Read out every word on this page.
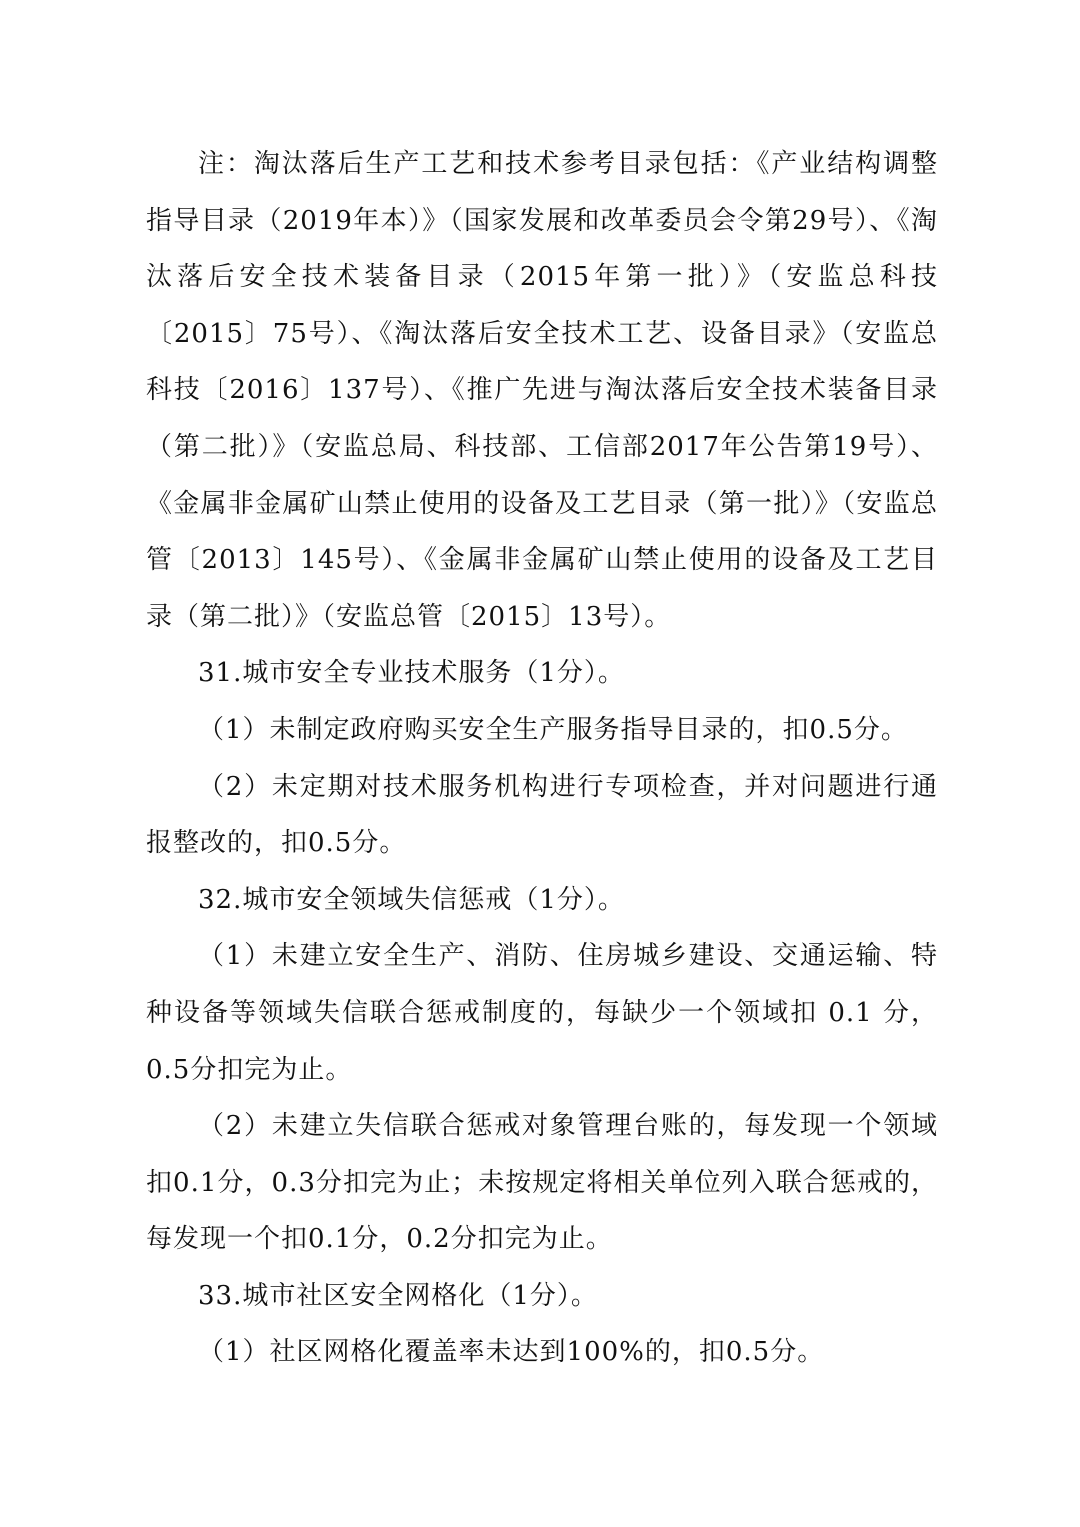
注：淘汰落后生产工艺和技术参考目录包括：《产业结构调整指导目录（2019年本）》（国家发展和改革委员会令第29号）、《淘汰落后安全技术装备目录（2015年第一批）》（安监总科技〔2015〕75号）、《淘汰落后安全技术工艺、设备目录》（安监总科技〔2016〕137号）、《推广先进与淘汰落后安全技术装备目录（第二批）》（安监总局、科技部、工信部2017年公告第19号）、《金属非金属矿山禁止使用的设备及工艺目录（第一批）》（安监总管〔2013〕145号）、《金属非金属矿山禁止使用的设备及工艺目录（第二批）》（安监总管〔2015〕13号）。

31.城市安全专业技术服务（1分）。

（1）未制定政府购买安全生产服务指导目录的，扣0.5分。

（2）未定期对技术服务机构进行专项检查，并对问题进行通报整改的，扣0.5分。

32.城市安全领域失信惩戒（1分）。

（1）未建立安全生产、消防、住房城乡建设、交通运输、特种设备等领域失信联合惩戒制度的，每缺少一个领域扣 0.1 分，0.5分扣完为止。

（2）未建立失信联合惩戒对象管理台账的，每发现一个领域扣0.1分，0.3分扣完为止；未按规定将相关单位列入联合惩戒的，每发现一个扣0.1分，0.2分扣完为止。

33.城市社区安全网格化（1分）。

（1）社区网格化覆盖率未达到100%的，扣0.5分。
